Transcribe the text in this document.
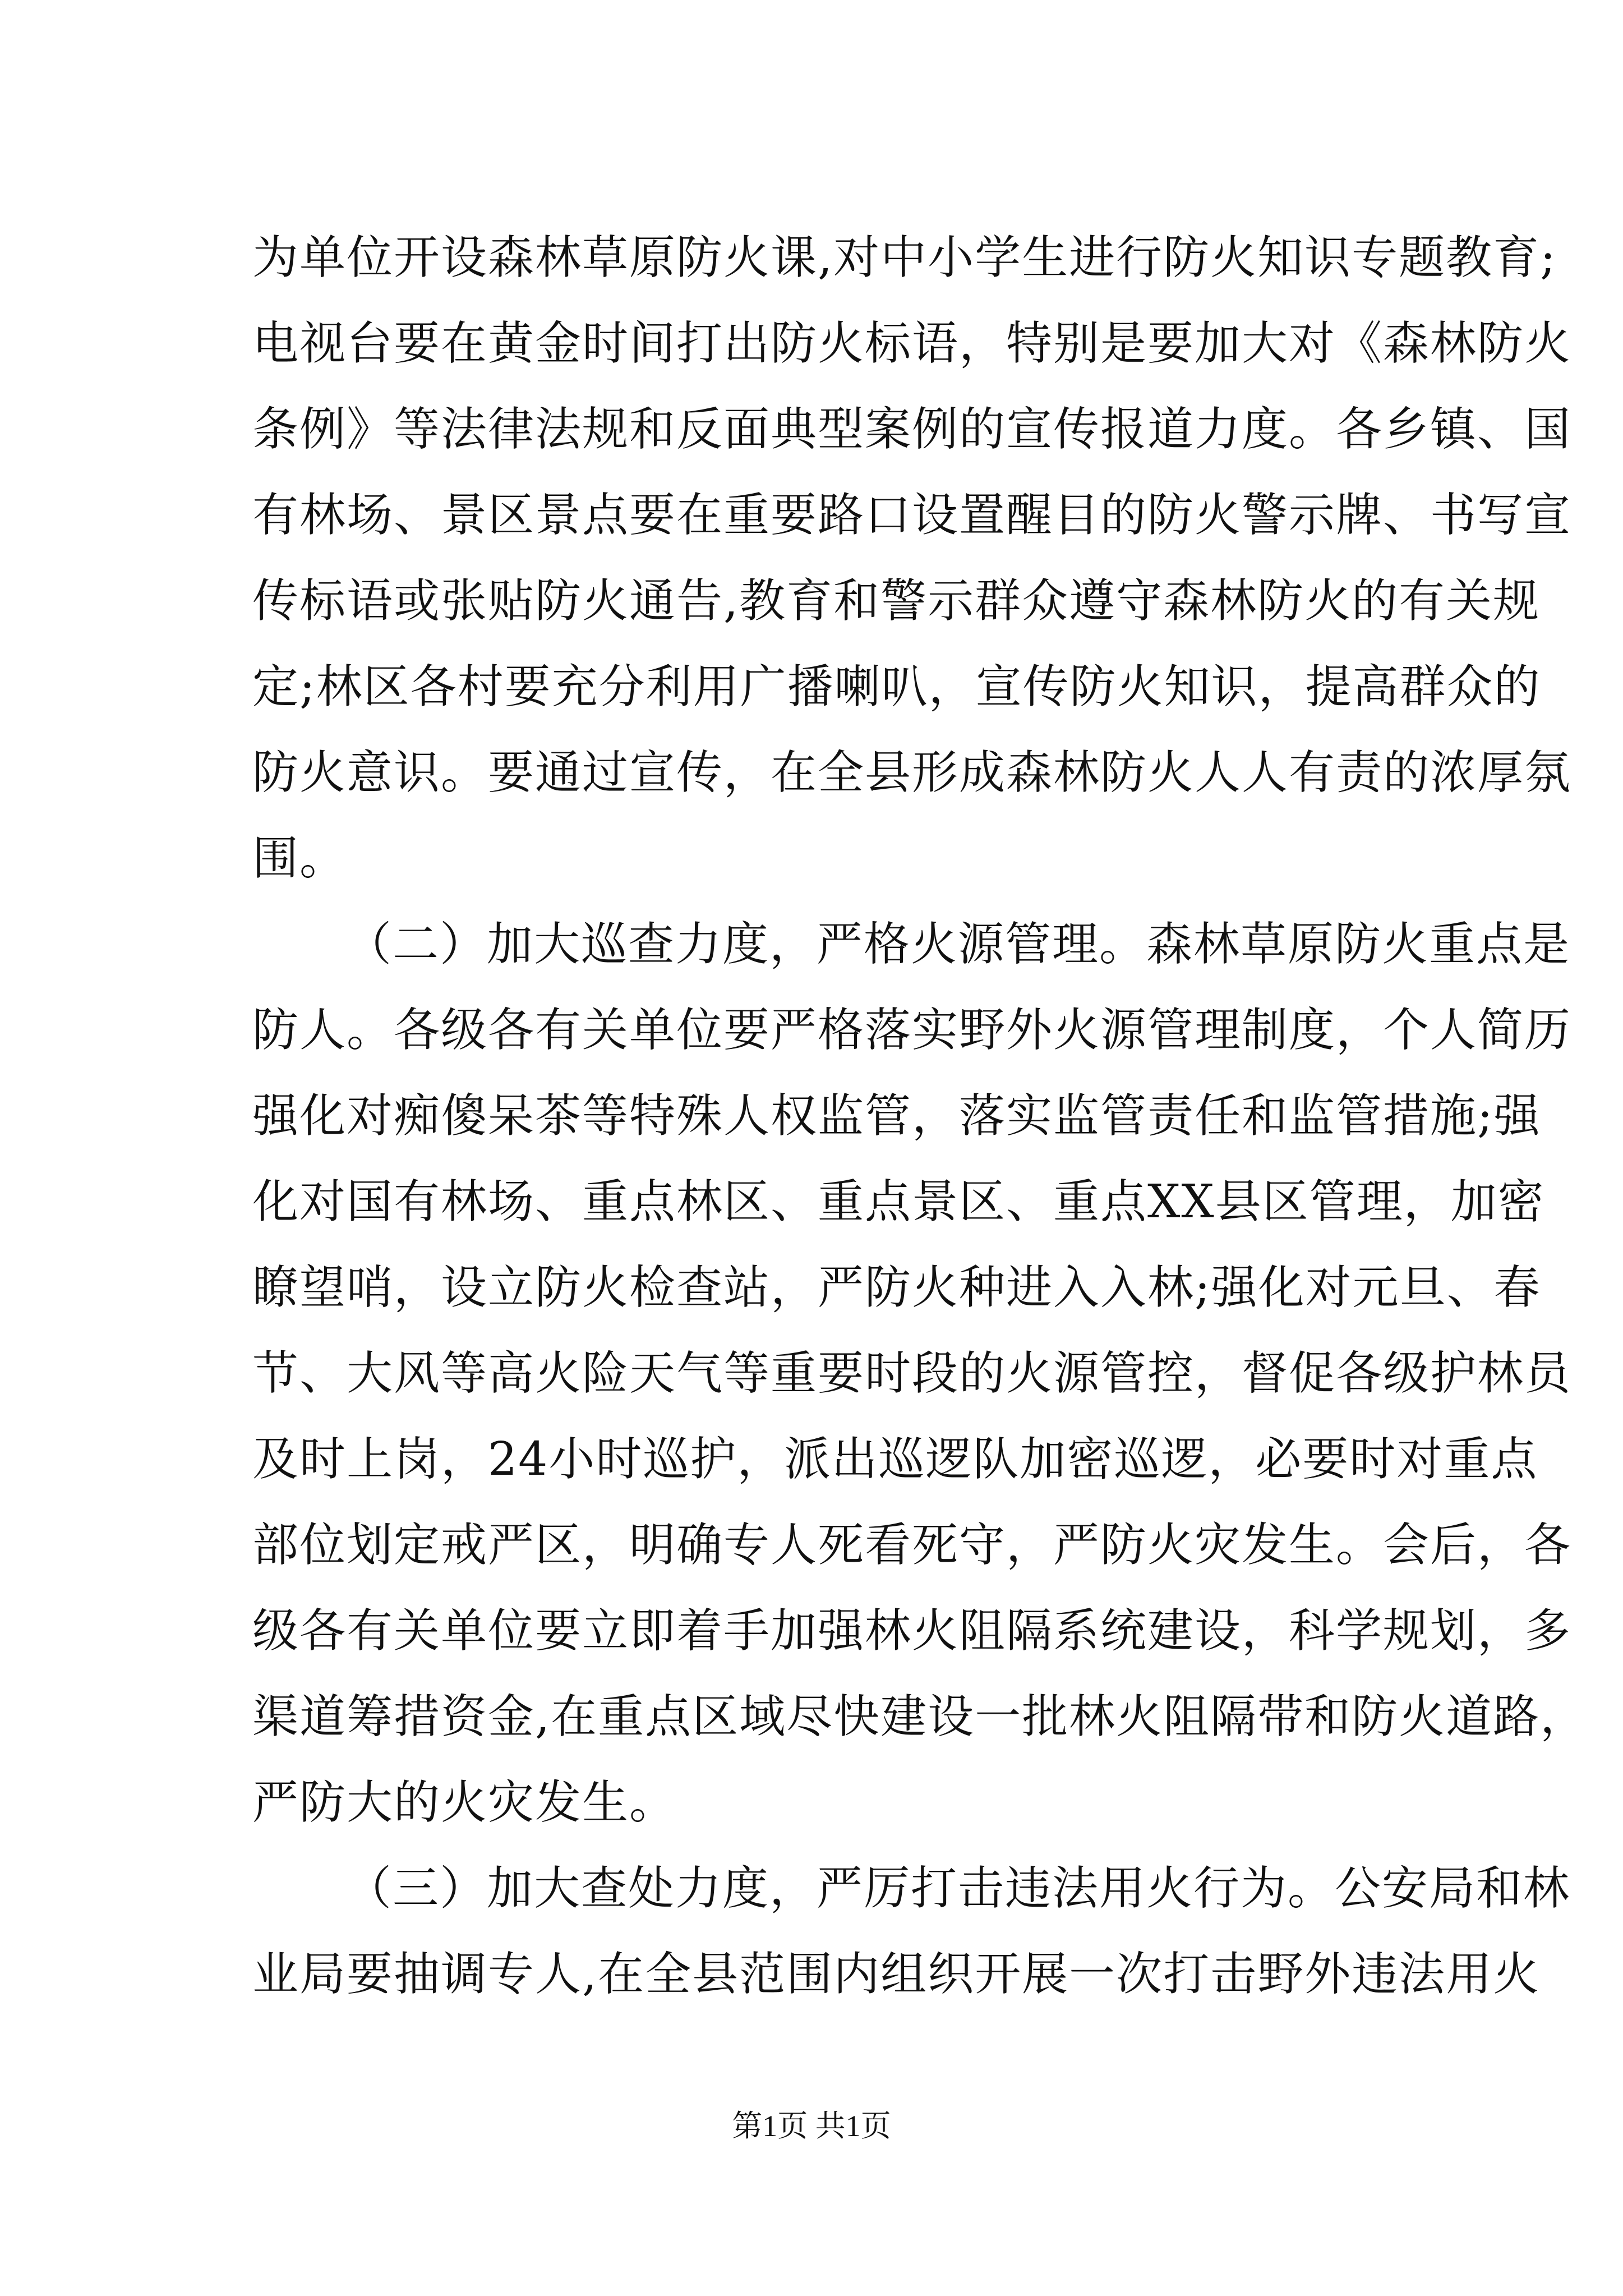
为单位开设森林草原防火课,对中小学生进行防火知识专题教育;
电视台要在黄金时间打出防火标语，特别是要加大对《森林防火
条例》等法律法规和反面典型案例的宣传报道力度。各乡镇、国
有林场、景区景点要在重要路口设置醒目的防火警示牌、书写宣
传标语或张贴防火通告,教育和警示群众遵守森林防火的有关规
定;林区各村要充分利用广播喇叭，宣传防火知识，提高群众的
防火意识。要通过宣传，在全县形成森林防火人人有责的浓厚氛
围。
（二）加大巡查力度，严格火源管理。森林草原防火重点是
防人。各级各有关单位要严格落实野外火源管理制度，个人简历
强化对痴傻呆茶等特殊人权监管，落实监管责任和监管措施;强
化对国有林场、重点林区、重点景区、重点XX县区管理，加密
瞭望哨，设立防火检查站，严防火种进入入林;强化对元旦、春
节、大风等高火险天气等重要时段的火源管控，督促各级护林员
及时上岗，24小时巡护，派出巡逻队加密巡逻，必要时对重点
部位划定戒严区，明确专人死看死守，严防火灾发生。会后，各
级各有关单位要立即着手加强林火阻隔系统建设，科学规划，多
渠道筹措资金,在重点区域尽快建设一批林火阻隔带和防火道路，
严防大的火灾发生。
（三）加大查处力度，严厉打击违法用火行为。公安局和林
业局要抽调专人,在全县范围内组织开展一次打击野外违法用火
第1页 共1页
